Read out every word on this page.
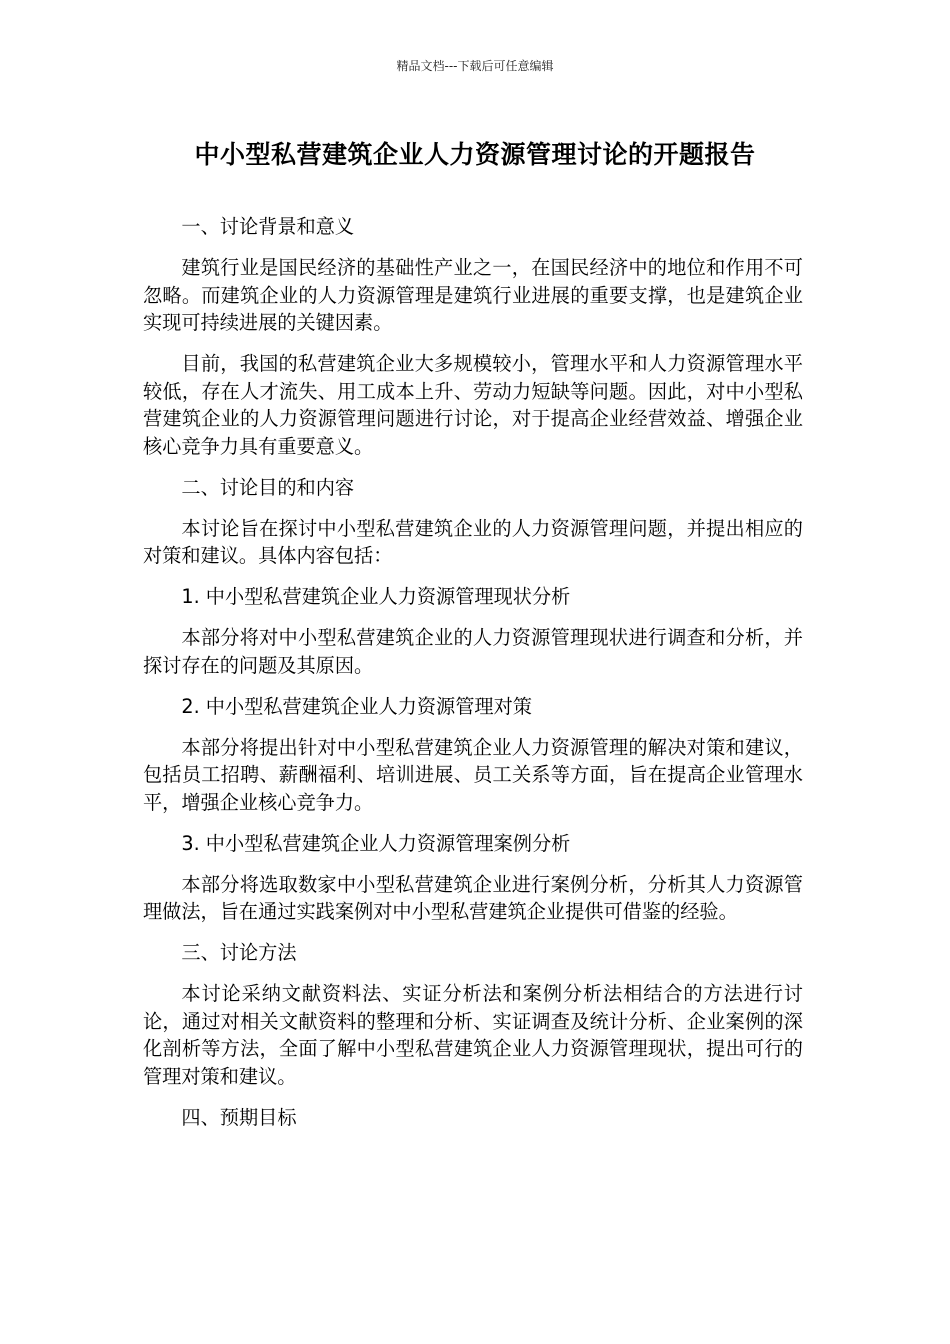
精品文档---下载后可任意编辑
中小型私营建筑企业人力资源管理讨论的开题报告

一、讨论背景和意义

建筑行业是国民经济的基础性产业之一，在国民经济中的地位和作用不可忽略。而建筑企业的人力资源管理是建筑行业进展的重要支撑，也是建筑企业实现可持续进展的关键因素。

目前，我国的私营建筑企业大多规模较小，管理水平和人力资源管理水平较低，存在人才流失、用工成本上升、劳动力短缺等问题。因此，对中小型私营建筑企业的人力资源管理问题进行讨论，对于提高企业经营效益、增强企业核心竞争力具有重要意义。

二、讨论目的和内容

本讨论旨在探讨中小型私营建筑企业的人力资源管理问题，并提出相应的对策和建议。具体内容包括：

1. 中小型私营建筑企业人力资源管理现状分析

本部分将对中小型私营建筑企业的人力资源管理现状进行调查和分析，并探讨存在的问题及其原因。

2. 中小型私营建筑企业人力资源管理对策

本部分将提出针对中小型私营建筑企业人力资源管理的解决对策和建议，包括员工招聘、薪酬福利、培训进展、员工关系等方面，旨在提高企业管理水平，增强企业核心竞争力。

3. 中小型私营建筑企业人力资源管理案例分析

本部分将选取数家中小型私营建筑企业进行案例分析，分析其人力资源管理做法，旨在通过实践案例对中小型私营建筑企业提供可借鉴的经验。

三、讨论方法

本讨论采纳文献资料法、实证分析法和案例分析法相结合的方法进行讨论，通过对相关文献资料的整理和分析、实证调查及统计分析、企业案例的深化剖析等方法，全面了解中小型私营建筑企业人力资源管理现状，提出可行的管理对策和建议。

四、预期目标
